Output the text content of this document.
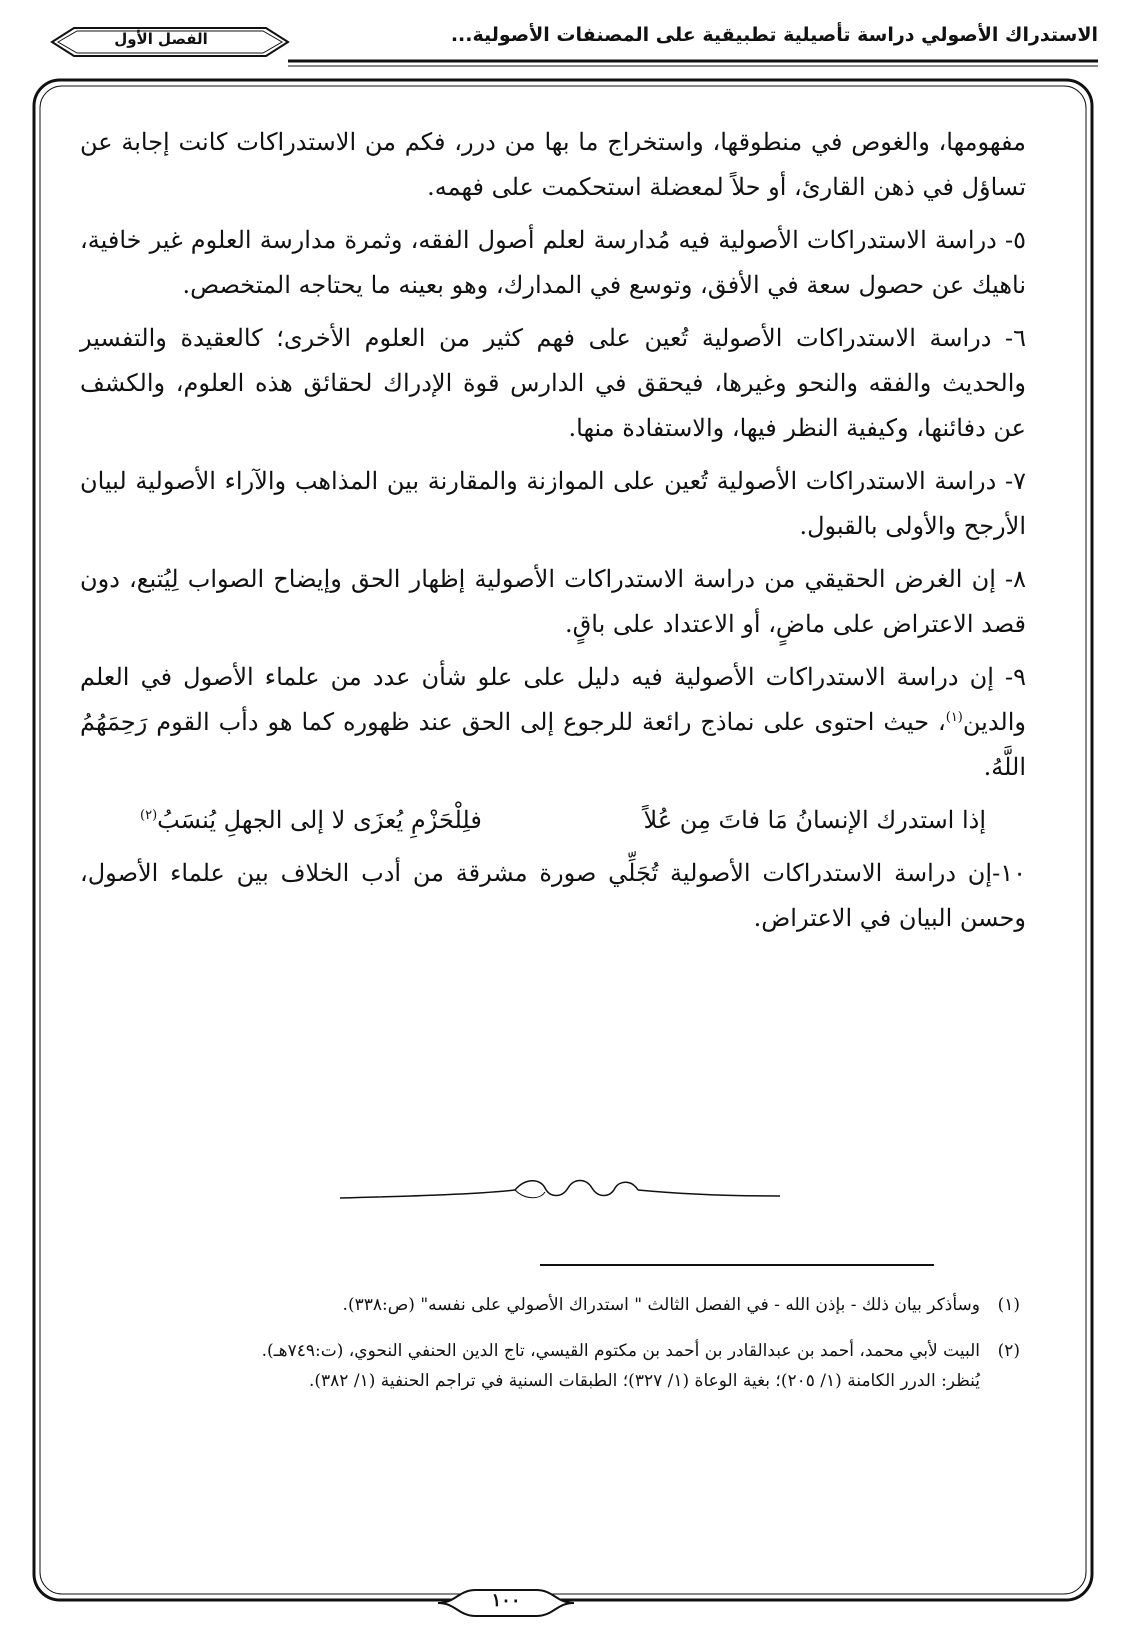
الاستدراك الأصولي دراسة تأصيلية تطبيقية على المصنفات الأصولية...
الفصل الأول

مفهومها، والغوص في منطوقها، واستخراج ما بها من درر، فكم من الاستدراكات كانت إجابة عن تساؤل في ذهن القارئ، أو حلاً لمعضلة استحكمت على فهمه.

٥- دراسة الاستدراكات الأصولية فيه مُدارسة لعلم أصول الفقه، وثمرة مدارسة العلوم غير خافية، ناهيك عن حصول سعة في الأفق، وتوسع في المدارك، وهو بعينه ما يحتاجه المتخصص.

٦- دراسة الاستدراكات الأصولية تُعين على فهم كثير من العلوم الأخرى؛ كالعقيدة والتفسير والحديث والفقه والنحو وغيرها، فيحقق في الدارس قوة الإدراك لحقائق هذه العلوم، والكشف عن دفائنها، وكيفية النظر فيها، والاستفادة منها.

٧- دراسة الاستدراكات الأصولية تُعين على الموازنة والمقارنة بين المذاهب والآراء الأصولية لبيان الأرجح والأولى بالقبول.

٨- إن الغرض الحقيقي من دراسة الاستدراكات الأصولية إظهار الحق وإيضاح الصواب لِيُتبع، دون قصد الاعتراض على ماضٍ، أو الاعتداد على باقٍ.

٩- إن دراسة الاستدراكات الأصولية فيه دليل على علو شأن عدد من علماء الأصول في العلم والدين$^{(١)}$، حيث احتوى على نماذج رائعة للرجوع إلى الحق عند ظهوره كما هو دأب القوم رَحِمَهُمُ اللَّهُ.

إذا استدرك الإنسانُ مَا فاتَ مِن عُلاً
فلِلْحَزْمِ يُعزَى لا إلى الجهلِ يُنسَبُ$^{(٢)}$

١٠-إن دراسة الاستدراكات الأصولية تُجَلِّي صورة مشرقة من أدب الخلاف بين علماء الأصول، وحسن البيان في الاعتراض.

(١)وسأذكر بيان ذلك - بإذن الله - في الفصل الثالث " استدراك الأصولي على نفسه" (ص:٣٣٨).

(٢)البيت لأبي محمد، أحمد بن عبدالقادر بن أحمد بن مكتوم القيسي، تاج الدين الحنفي النحوي، (ت:٧٤٩هـ).

يُنظر: الدرر الكامنة (١/ ٢٠٥)؛ بغية الوعاة (١/ ٣٢٧)؛ الطبقات السنية في تراجم الحنفية (١/ ٣٨٢).

١٠٠
